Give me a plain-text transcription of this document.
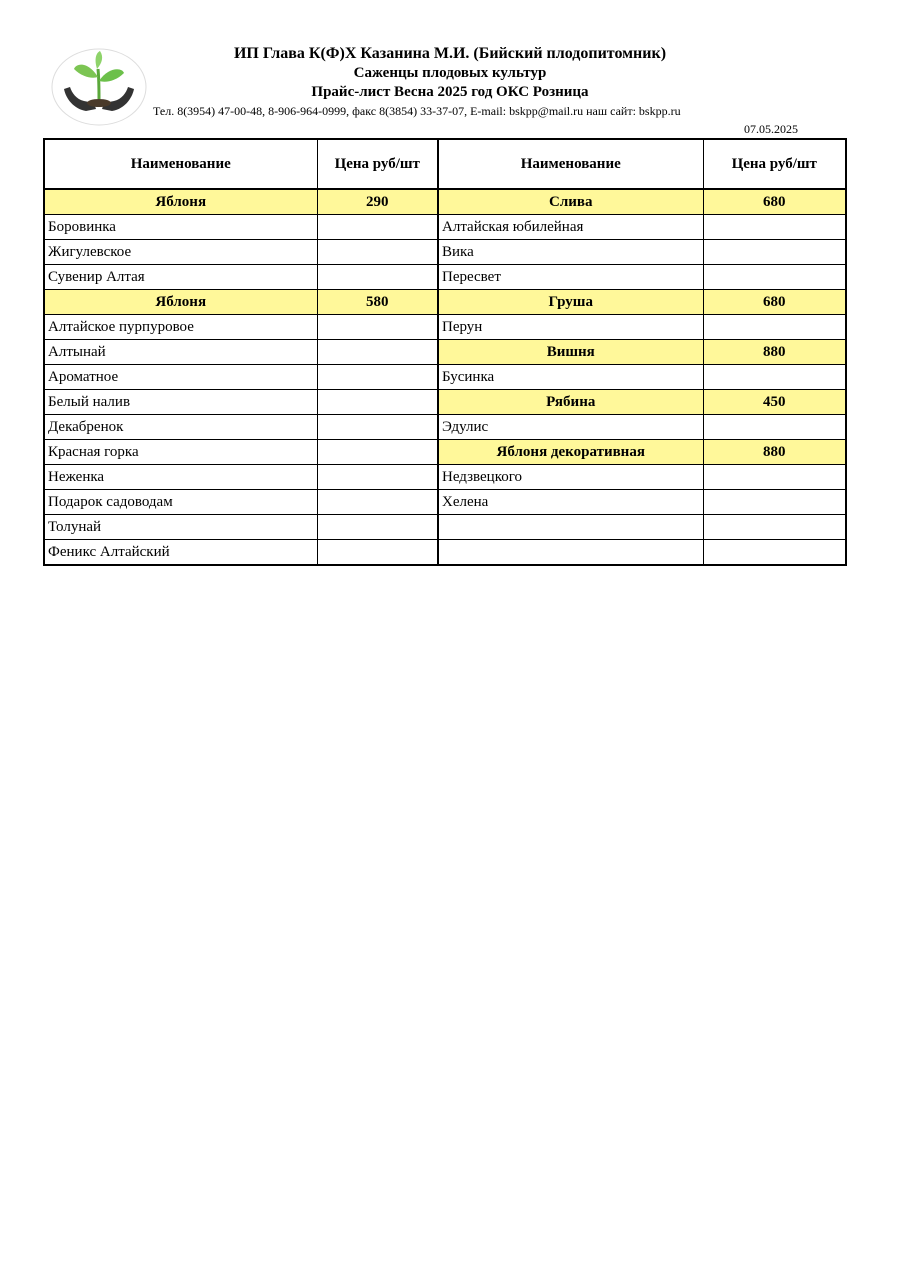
ИП Глава К(Ф)Х Казанина М.И. (Бийский плодопитомник)
Саженцы плодовых культур
Прайс-лист Весна 2025 год ОКС Розница
Тел. 8(3954) 47-00-48, 8-906-964-0999, факс 8(3854) 33-37-07, E-mail: bskpp@mail.ru наш сайт: bskpp.ru
07.05.2025
Наименование	Цена руб/шт	Наименование	Цена руб/шт
Яблоня	290	Слива	680
Боровинка		Алтайская юбилейная	
Жигулевское		Вика	
Сувенир Алтая		Пересвет	
Яблоня	580	Груша	680
Алтайское пурпуровое		Перун	
Алтынай		Вишня	880
Ароматное		Бусинка	
Белый налив		Рябина	450
Декабренок		Эдулис	
Красная горка		Яблоня декоративная	880
Неженка		Недзвецкого	
Подарок садоводам		Хелена	
Толунай			
Феникс Алтайский			
